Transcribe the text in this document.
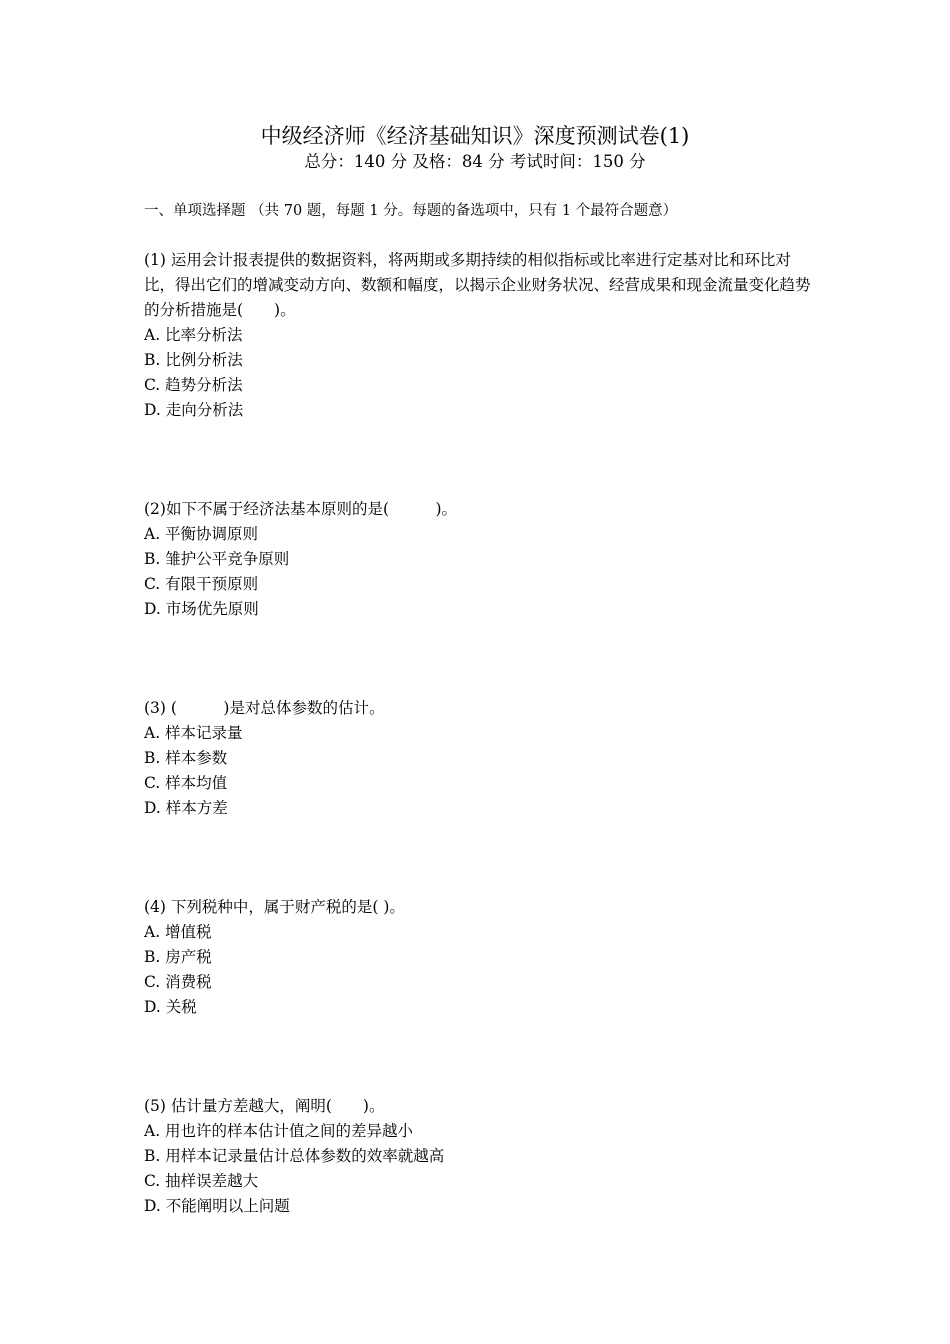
中级经济师《经济基础知识》深度预测试卷(1)
总分：140 分 及格：84 分 考试时间：150 分
一、单项选择题 （共 70 题，每题 1 分。每题的备选项中，只有 1 个最符合题意）

(1) 运用会计报表提供的数据资料，将两期或多期持续的相似指标或比率进行定基对比和环比对比，得出它们的增减变动方向、数额和幅度，以揭示企业财务状况、经营成果和现金流量变化趋势的分析措施是(　　)。

A. 比率分析法

B. 比例分析法

C. 趋势分析法

D. 走向分析法

(2)如下不属于经济法基本原则的是(　　　)。

A. 平衡协调原则

B. 雏护公平竞争原则

C. 有限干预原则

D. 市场优先原则

(3) (　　　)是对总体参数的估计。

A. 样本记录量

B. 样本参数

C. 样本均值

D. 样本方差

(4) 下列税种中，属于财产税的是( )。

A. 增值税

B. 房产税

C. 消费税

D. 关税

(5) 估计量方差越大，阐明(　　)。

A. 用也许的样本估计值之间的差异越小

B. 用样本记录量估计总体参数的效率就越高

C. 抽样误差越大

D. 不能阐明以上问题
